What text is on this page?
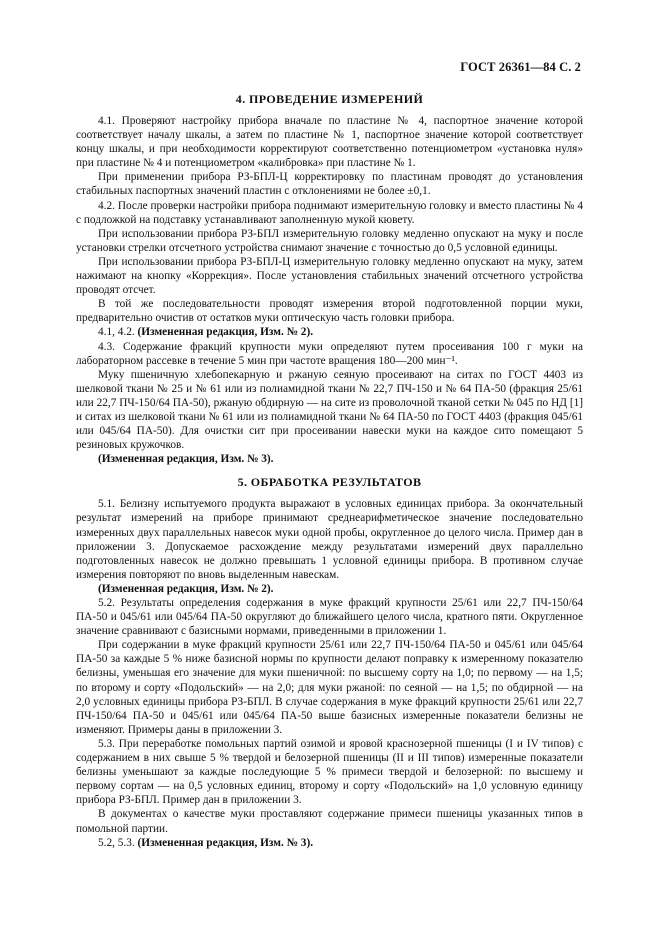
ГОСТ 26361—84 С. 2
4. ПРОВЕДЕНИЕ ИЗМЕРЕНИЙ

4.1. Проверяют настройку прибора вначале по пластине № 4, паспортное значение которой соответствует началу шкалы, а затем по пластине № 1, паспортное значение которой соответствует концу шкалы, и при необходимости корректируют соответственно потенциометром «установка нуля» при пластине № 4 и потенциометром «калибровка» при пластине № 1.

При применении прибора РЗ-БПЛ-Ц корректировку по пластинам проводят до установления стабильных паспортных значений пластин с отклонениями не более ±0,1.

4.2. После проверки настройки прибора поднимают измерительную головку и вместо пластины № 4 с подложкой на подставку устанавливают заполненную мукой кювету.

При использовании прибора РЗ-БПЛ измерительную головку медленно опускают на муку и после установки стрелки отсчетного устройства снимают значение с точностью до 0,5 условной единицы.

При использовании прибора РЗ-БПЛ-Ц измерительную головку медленно опускают на муку, затем нажимают на кнопку «Коррекция». После установления стабильных значений отсчетного устройства проводят отсчет.

В той же последовательности проводят измерения второй подготовленной порции муки, предварительно очистив от остатков муки оптическую часть головки прибора.

4.1, 4.2. (Измененная редакция, Изм. № 2).

4.3. Содержание фракций крупности муки определяют путем просеивания 100 г муки на лабораторном рассевке в течение 5 мин при частоте вращения 180—200 мин⁻¹.

Муку пшеничную хлебопекарную и ржаную сеяную просеивают на ситах по ГОСТ 4403 из шелковой ткани № 25 и № 61 или из полиамидной ткани № 22,7 ПЧ-150 и № 64 ПА-50 (фракция 25/61 или 22,7 ПЧ-150/64 ПА-50), ржаную обдирную — на сите из проволочной тканой сетки № 045 по НД [1] и ситах из шелковой ткани № 61 или из полиамидной ткани № 64 ПА-50 по ГОСТ 4403 (фракция 045/61 или 045/64 ПА-50). Для очистки сит при просеивании навески муки на каждое сито помещают 5 резиновых кружочков.

(Измененная редакция, Изм. № 3).

5. ОБРАБОТКА РЕЗУЛЬТАТОВ

5.1. Белизну испытуемого продукта выражают в условных единицах прибора. За окончательный результат измерений на приборе принимают среднеарифметическое значение последовательно измеренных двух параллельных навесок муки одной пробы, округленное до целого числа. Пример дан в приложении 3. Допускаемое расхождение между результатами измерений двух параллельно подготовленных навесок не должно превышать 1 условной единицы прибора. В противном случае измерения повторяют по вновь выделенным навескам.

(Измененная редакция, Изм. № 2).

5.2. Результаты определения содержания в муке фракций крупности 25/61 или 22,7 ПЧ-150/64 ПА-50 и 045/61 или 045/64 ПА-50 округляют до ближайшего целого числа, кратного пяти. Округленное значение сравнивают с базисными нормами, приведенными в приложении 1.

При содержании в муке фракций крупности 25/61 или 22,7 ПЧ-150/64 ПА-50 и 045/61 или 045/64 ПА-50 за каждые 5 % ниже базисной нормы по крупности делают поправку к измеренному показателю белизны, уменьшая его значение для муки пшеничной: по высшему сорту на 1,0; по первому — на 1,5; по второму и сорту «Подольский» — на 2,0; для муки ржаной: по сеяной — на 1,5; по обдирной — на 2,0 условных единицы прибора РЗ-БПЛ. В случае содержания в муке фракций крупности 25/61 или 22,7 ПЧ-150/64 ПА-50 и 045/61 или 045/64 ПА-50 выше базисных измеренные показатели белизны не изменяют. Примеры даны в приложении 3.

5.3. При переработке помольных партий озимой и яровой краснозерной пшеницы (I и IV типов) с содержанием в них свыше 5 % твердой и белозерной пшеницы (II и III типов) измеренные показатели белизны уменьшают за каждые последующие 5 % примеси твердой и белозерной: по высшему и первому сортам — на 0,5 условных единиц, второму и сорту «Подольский» на 1,0 условную единицу прибора РЗ-БПЛ. Пример дан в приложении 3.

В документах о качестве муки проставляют содержание примеси пшеницы указанных типов в помольной партии.

5.2, 5.3. (Измененная редакция, Изм. № 3).
